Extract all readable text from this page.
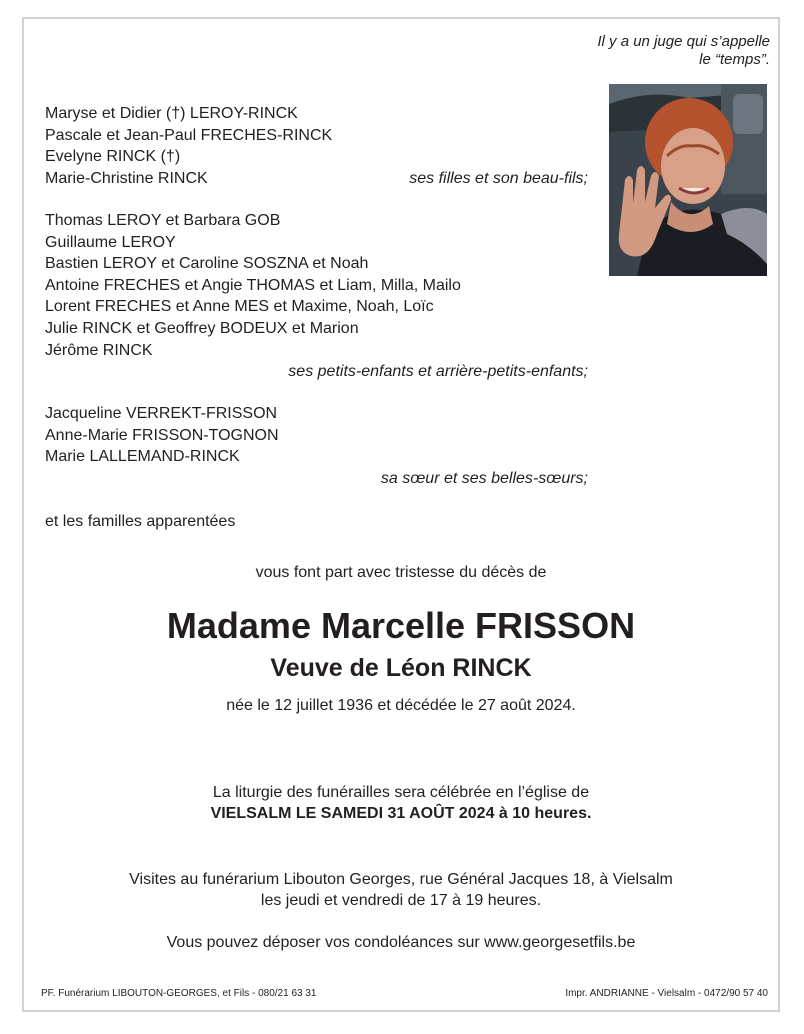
Il y a un juge qui s’appelle
le “temps”.
Maryse et Didier (†) LEROY-RINCK
Pascale et Jean-Paul FRECHES-RINCK
Evelyne RINCK (†)
Marie-Christine RINCK	ses filles et son beau-fils;
Thomas LEROY et Barbara GOB
Guillaume LEROY
Bastien LEROY et Caroline SOSZNA et Noah
Antoine FRECHES et Angie THOMAS et Liam, Milla, Mailo
Lorent FRECHES et Anne MES et Maxime, Noah, Loïc
Julie RINCK et Geoffrey BODEUX et Marion
Jérôme RINCK
ses petits-enfants et arrière-petits-enfants;
Jacqueline VERREKT-FRISSON
Anne-Marie FRISSON-TOGNON
Marie LALLEMAND-RINCK
sa sœur et ses belles-sœurs;
et les familles apparentées
vous font part avec tristesse du décès de
Madame Marcelle FRISSON
Veuve de Léon RINCK
née le 12 juillet 1936 et décédée le 27 août 2024.
La liturgie des funérailles sera célébrée en l’église de
VIELSALM LE SAMEDI 31 AOÛT 2024 à 10 heures.
Visites au funérarium Libouton Georges, rue Général Jacques 18, à Vielsalm
les jeudi et vendredi de 17 à 19 heures.
Vous pouvez déposer vos condoléances sur www.georgesetfils.be
PF. Funérarium LIBOUTON-GEORGES, et Fils - 080/21 63 31	Impr. ANDRIANNE - Vielsalm - 0472/90 57 40
